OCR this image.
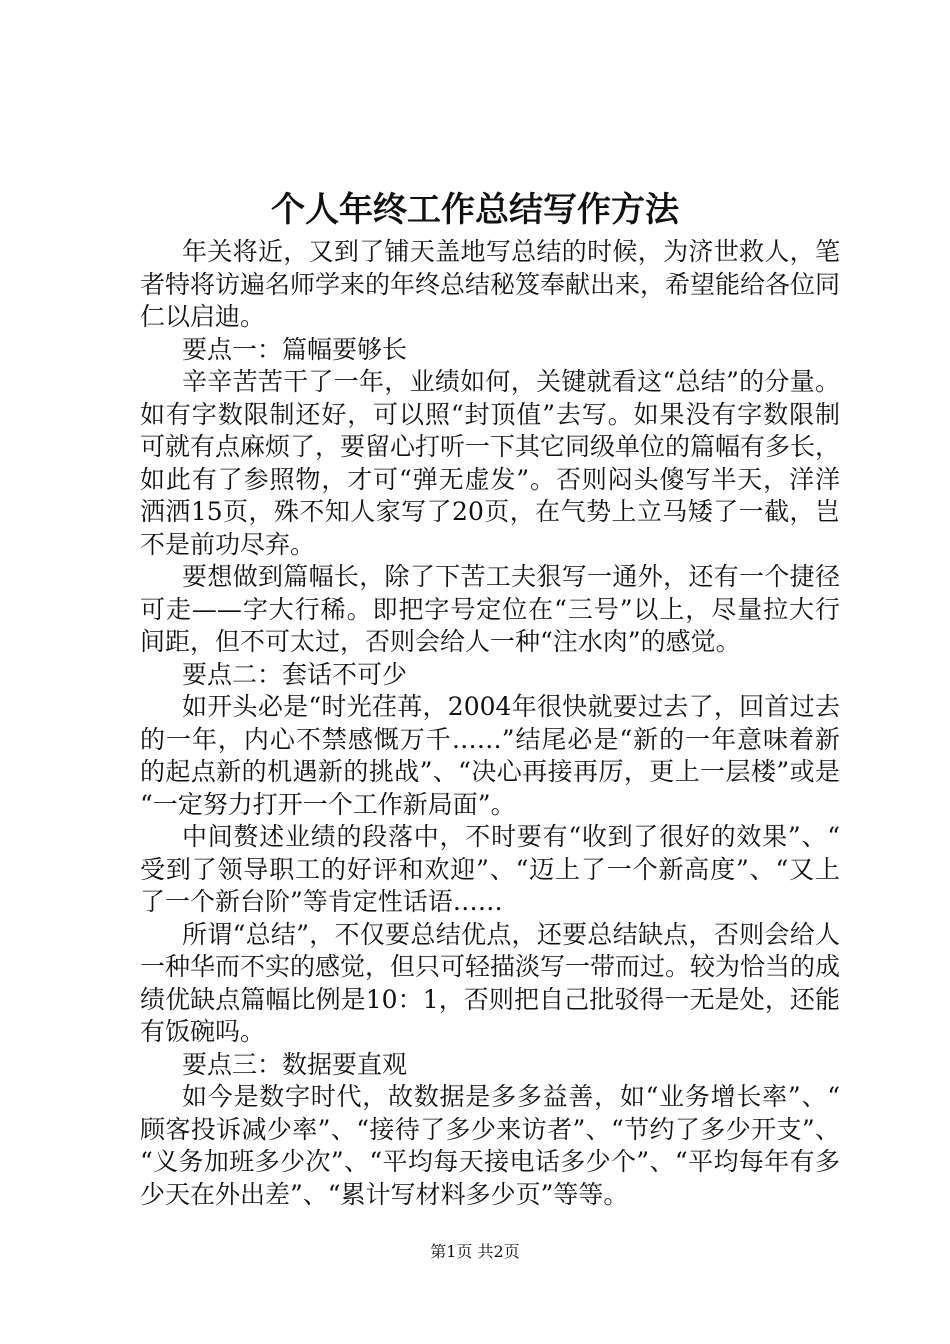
个人年终工作总结写作方法

年关将近，又到了铺天盖地写总结的时候，为济世救人，笔者特将访遍名师学来的年终总结秘笈奉献出来，希望能给各位同仁以启迪。

要点一：篇幅要够长

辛辛苦苦干了一年，业绩如何，关键就看这“总结”的分量。如有字数限制还好，可以照“封顶值”去写。如果没有字数限制可就有点麻烦了，要留心打听一下其它同级单位的篇幅有多长，如此有了参照物，才可“弹无虚发”。否则闷头傻写半天，洋洋洒洒15页，殊不知人家写了20页，在气势上立马矮了一截，岂不是前功尽弃。

要想做到篇幅长，除了下苦工夫狠写一通外，还有一个捷径可走——字大行稀。即把字号定位在“三号”以上，尽量拉大行间距，但不可太过，否则会给人一种“注水肉”的感觉。

要点二：套话不可少

如开头必是“时光荏苒，2004年很快就要过去了，回首过去的一年，内心不禁感慨万千……”结尾必是“新的一年意味着新的起点新的机遇新的挑战”、“决心再接再厉，更上一层楼”或是“一定努力打开一个工作新局面”。

中间赘述业绩的段落中，不时要有“收到了很好的效果”、“受到了领导职工的好评和欢迎”、“迈上了一个新高度”、“又上了一个新台阶”等肯定性话语……

所谓“总结”，不仅要总结优点，还要总结缺点，否则会给人一种华而不实的感觉，但只可轻描淡写一带而过。较为恰当的成绩优缺点篇幅比例是10：1，否则把自己批驳得一无是处，还能有饭碗吗。

要点三：数据要直观

如今是数字时代，故数据是多多益善，如“业务增长率”、“顾客投诉减少率”、“接待了多少来访者”、“节约了多少开支”、“义务加班多少次”、“平均每天接电话多少个”、“平均每年有多少天在外出差”、“累计写材料多少页”等等。

第1页 共2页
